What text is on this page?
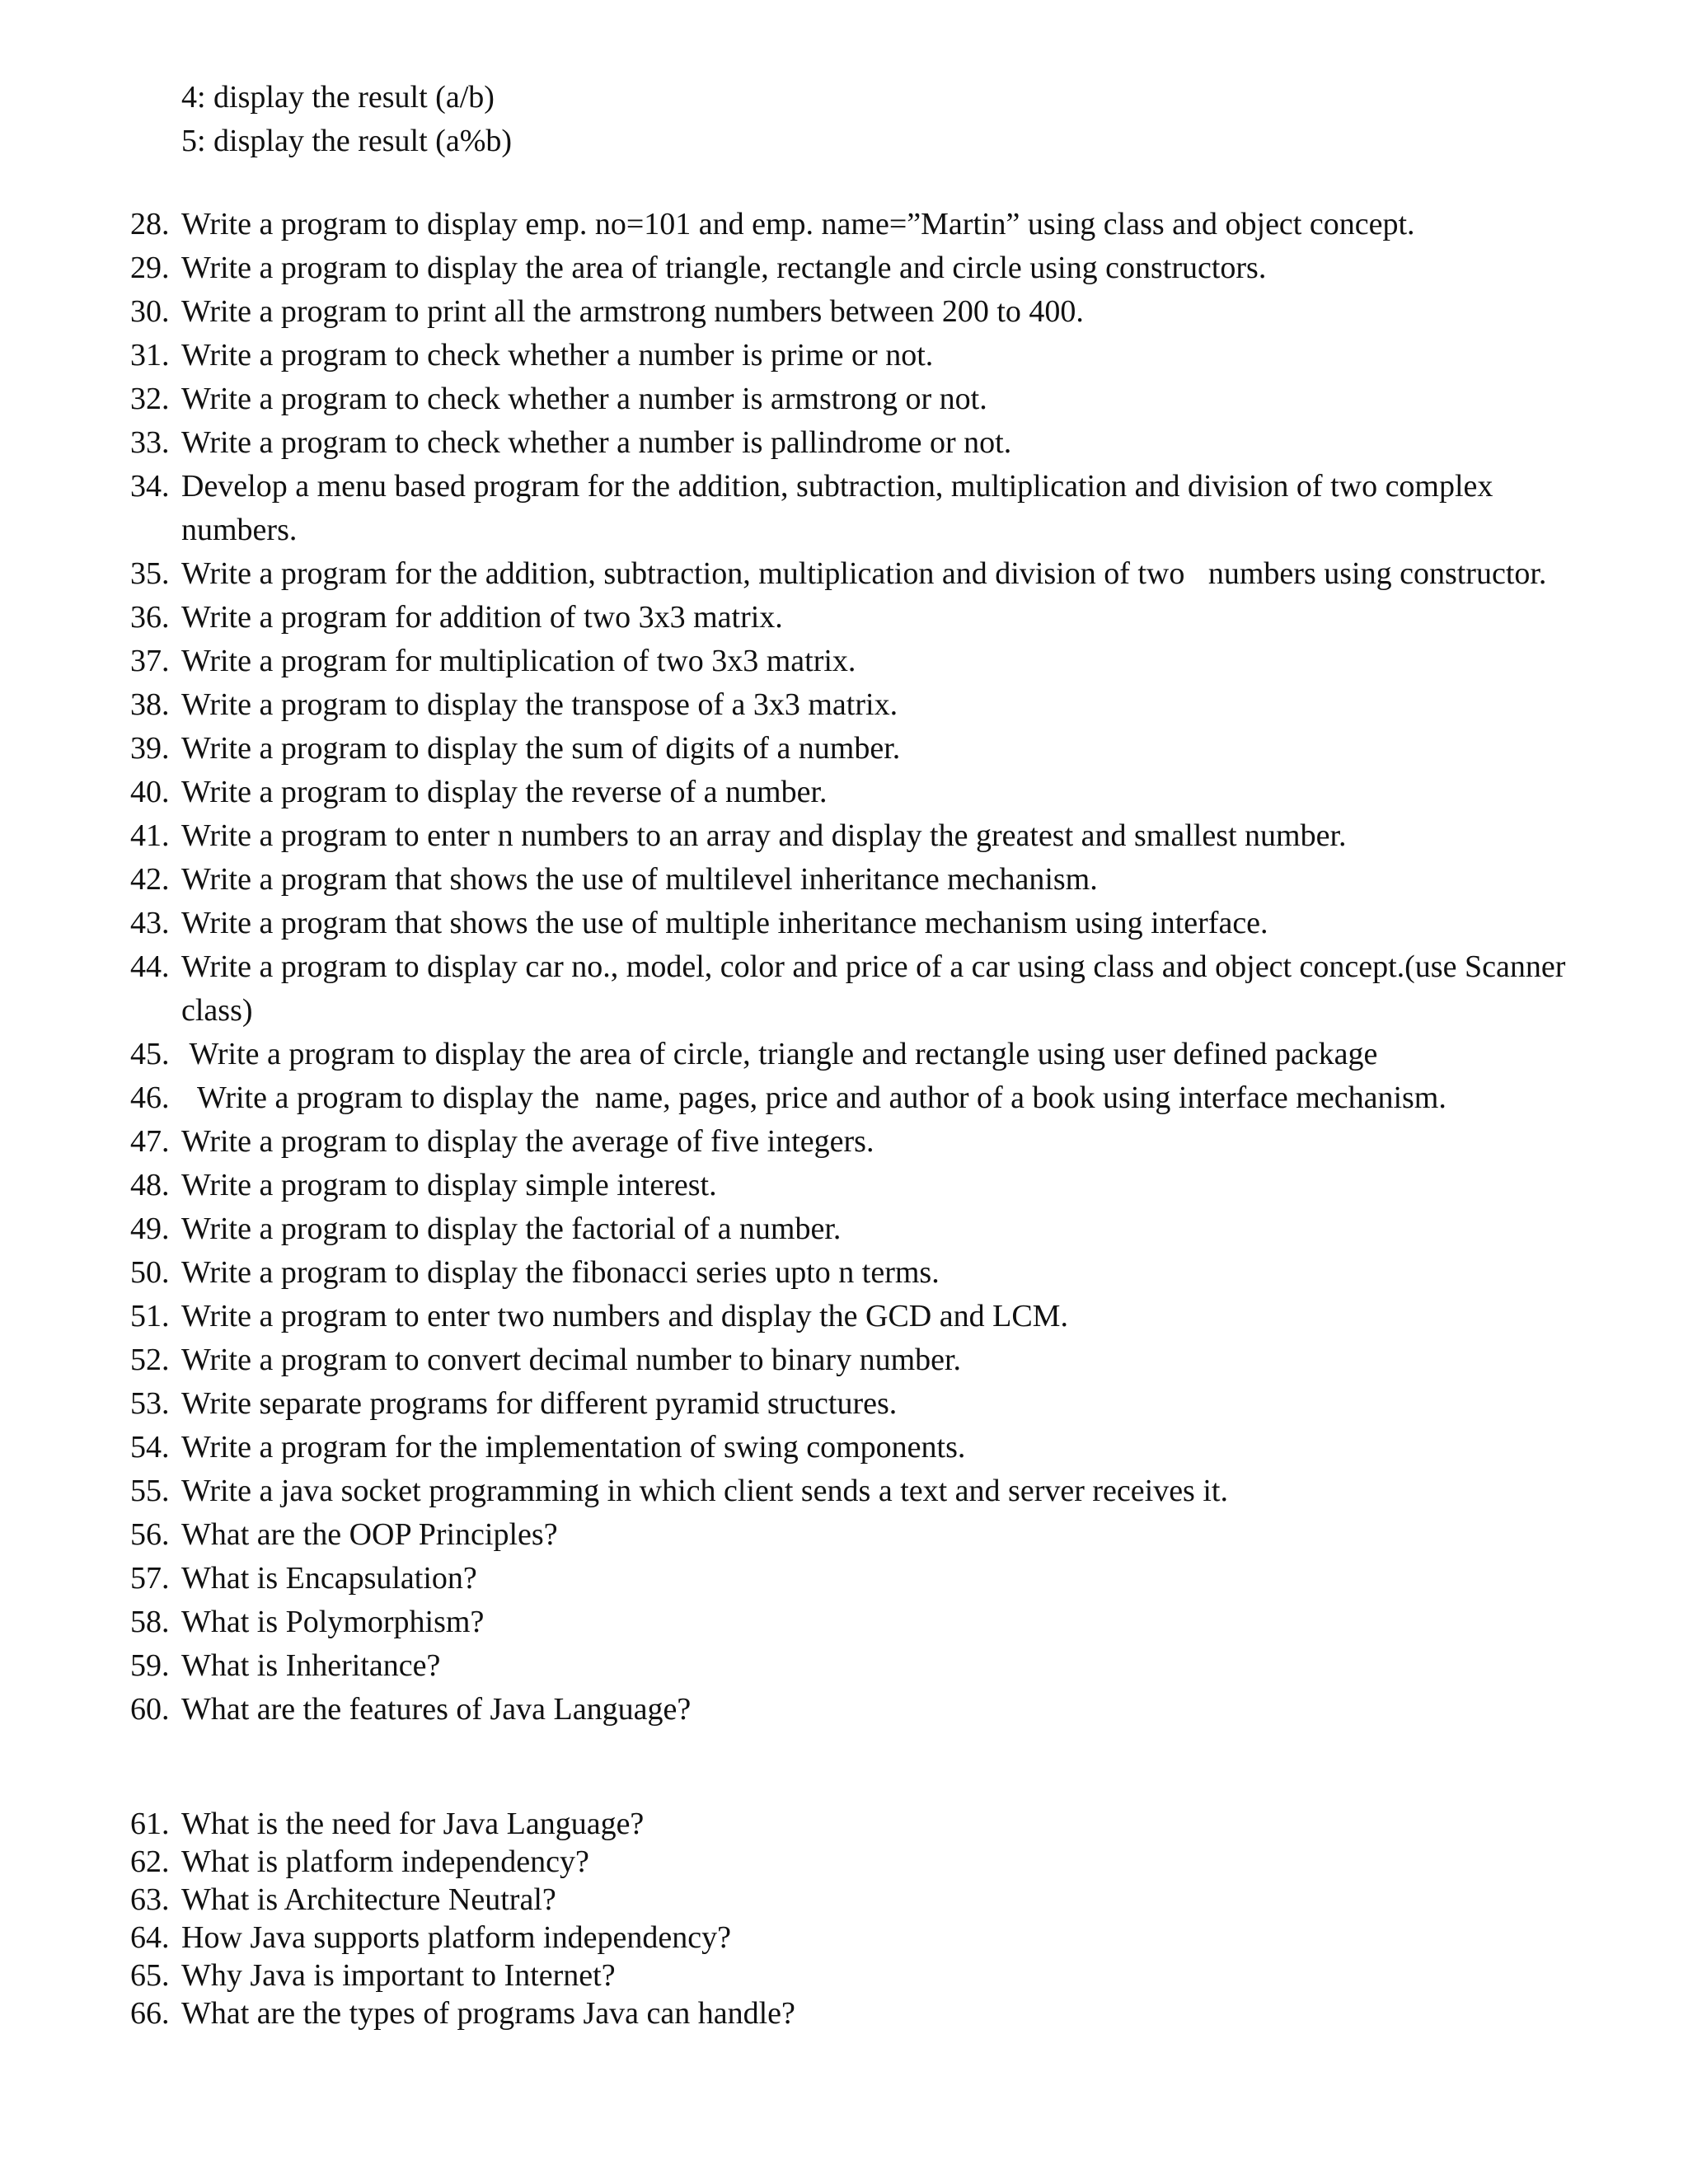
4: display the result (a/b)
5: display the result (a%b)
28. Write a program to display emp. no=101 and emp. name=”Martin” using class and object concept.
29. Write a program to display the area of triangle, rectangle and circle using constructors.
30. Write a program to print all the armstrong numbers between 200 to 400.
31. Write a program to check whether a number is prime or not.
32. Write a program to check whether a number is armstrong or not.
33. Write a program to check whether a number is pallindrome or not.
34. Develop a menu based program for the addition, subtraction, multiplication and division of two complex numbers.
35. Write a program for the addition, subtraction, multiplication and division of two   numbers using constructor.
36. Write a program for addition of two 3x3 matrix.
37. Write a program for multiplication of two 3x3 matrix.
38. Write a program to display the transpose of a 3x3 matrix.
39. Write a program to display the sum of digits of a number.
40. Write a program to display the reverse of a number.
41. Write a program to enter n numbers to an array and display the greatest and smallest number.
42. Write a program that shows the use of multilevel inheritance mechanism.
43. Write a program that shows the use of multiple inheritance mechanism using interface.
44. Write a program to display car no., model, color and price of a car using class and object concept.(use Scanner class)
45. Write a program to display the area of circle, triangle and rectangle using user defined package
46. Write a program to display the  name, pages, price and author of a book using interface mechanism.
47. Write a program to display the average of five integers.
48. Write a program to display simple interest.
49. Write a program to display the factorial of a number.
50. Write a program to display the fibonacci series upto n terms.
51. Write a program to enter two numbers and display the GCD and LCM.
52. Write a program to convert decimal number to binary number.
53. Write separate programs for different pyramid structures.
54. Write a program for the implementation of swing components.
55. Write a java socket programming in which client sends a text and server receives it.
56. What are the OOP Principles?
57. What is Encapsulation?
58. What is Polymorphism?
59. What is Inheritance?
60. What are the features of Java Language?
61. What is the need for Java Language?
62. What is platform independency?
63. What is Architecture Neutral?
64. How Java supports platform independency?
65. Why Java is important to Internet?
66. What are the types of programs Java can handle?
